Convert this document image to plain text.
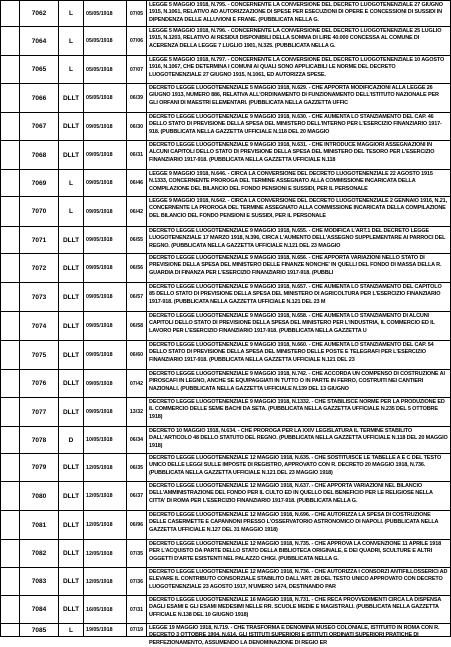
7062	L	05/05/1918	07/05
LEGGE 5 MAGGIO 1918, N.795. - CONCERNENTE LA CONVERSIONE DEL DECRETO LUOGOTENENZIALE 27 GIUGNO 1915, N.1061, RELATIVO AD AUTORIZZAZIONE DI SPESE PER ESECUZIONI DI OPERE E CONCESSIONI DI SUSSIDI IN DIPENDENZA DELLE ALLUVIONI E FRANE. (PUBBLICATA NELLA G.
7064	L	05/05/1918	07/06
LEGGE 5 MAGGIO 1918, N.796. - CONCERNENTE LA CONVERSIONE DEL DECRETO LUOGOTENENZIALE 25 LUGLIO 1915, N.1203, RELATIVO AI RESIDUI DISPONIBILI DELLA SOMMA DI LIRE 40.000 CONCESSA AL COMUNE DI ACERENZA DELLA LEGGE 7 LUGLIO 1901, N.325. (PUBBLICATA NELLA G.
7065	L	05/05/1918	07/07
LEGGE 5 MAGGIO 1918, N.797. - CONCERNENTE LA CONVERSIONE DEL DECRETO LUOGOTENENZIALE 10 AGOSTO 1916, N.1067, CHE DETERMINA I COMUNI AI QUALI SONO APPLICABILI LE NORME DEL DECRETO LUOGOTENENZIALE 27 GIUGNO 1915, N.1061, ED AUTORIZZA SPESE.
7066	DLLT	05/05/1918	06/39
DECRETO LEGGE LUOGOTENENZIALE 5 MAGGIO 1918, N.629. - CHE APPORTA MODIFICAZIONI ALLA LEGGE 26 GIUGNO 1913, NUMERO 886, RELATIVA ALL'ORDINAMENTO DI FUNZIONAMENTO DELL'ISTITUTO NAZIONALE PER GLI ORFANI DI MAESTRI ELEMENTARI. (PUBBLICATA NELLA GAZZETTA UFFIC
7067	DLLT	09/05/1918	06/30
DECRETO LEGGE LUOGOTENENZIALE 9 MAGGIO 1918, N.630. - CHE AUMENTA LO STANZIAMENTO DEL CAP. 46 DELLO STATO DI PREVISIONE DELLA SPESA DEL MINISTERO DELL'INTERNO PER L'ESERCIZIO FINANZIARIO 1917-918. (PUBBLICATA NELLA GAZZETTA UFFICIALE N.118 DEL 20 MAGGIO
7068	DLLT	09/05/1918	06/31
DECRETO LEGGE LUOGOTENENZIALE 9 MAGGIO 1918, N.631. - CHE INTRODUCE MAGGIORI ASSEGNAZIONI IN ALCUNI CAPITOLI DELLO STATO DI PREVISIONE DELLA SPESA DEL MINISTERO DEL TESORO PER L'ESERCIZIO FINANZIARIO 1917-918. (PUBBLICATA NELLA GAZZETTA UFFICIALE N.118
7069	L	09/05/1918	06/46
LEGGE 9 MAGGIO 1918, N.646. - CIRCA LA CONVERSIONE DEL DECRETO LUOGOTENENZIALE 22 AGOSTO 1915 N.1333, CONCERNENTE PROROGA DEL TERMINE ASSEGNATO ALLA COMMISSIONE INCARICATA DELLA COMPILAZIONE DEL BILANCIO DEL FONDO PENSIONI E SUSSIDI, PER IL PERSONALE
7070	L	09/05/1918	06/42
LEGGE 9 MAGGIO 1918, N.642. - CIRCA LA CONVERSIONE DEL DECRETO LUOGOTENENZIALE 2 GENNAIO 1916, N.21, CONCERNENTE LA PROROGA DEL TERMINE ASSEGNATO ALLA COMMISSIONE INCARICATA DELLA COMPILAZIONE DEL BILANCIO DEL FONDO PENSIONI E SUSSIDI, PER IL PERSONALE
7071	DLLT	09/05/1918	06/55
DECRETO LEGGE LUOGOTENENZIALE 9 MAGGIO 1918, N.655. - CHE MODIFICA L'ART.1 DEL DECRETO LEGGE LUOGOTENENZIALE 17 MARZO 1918, N.396, CIRCA L'AUMENTO DELL'ASSEGNO SUPPLEMENTARE AI PARROCI DEL REGNO. (PUBBLICATA NELLA GAZZETTA UFFICIALE N.121 DEL 23 MAGGIO
7072	DLLT	09/05/1918	06/56
DECRETO LEGGE LUOGOTENENZIALE 9 MAGGIO 1918, N.656. - CHE APPORTA VARIAZIONI NELLO STATO DI PREVISIONE DELLA SPESA DEL MINISTERO DELLE FINANZE NONCHE' IN QUELLI DEL FONDO DI MASSA DELLA R. GUARDIA DI FINANZA PER L'ESERCIZIO FINANZIARIO 1917-918. (PUBBLI
7073	DLLT	09/05/1918	06/57
DECRETO LEGGE LUOGOTENENZIALE 9 MAGGIO 1918, N.657. - CHE AUMENTA LO STANZIAMENTO DEL CAPITOLO 85 DELLO STATO DI PREVISIONE DELLA SPESA DEL MINISTERO DI AGRICOLTURA PER L'ESERCIZIO FINANZIARIO 1917-918. (PUBBLICATA NELLA GAZZETTA UFFICIALE N.121 DEL 23 M
7074	DLLT	09/05/1918	06/58
DECRETO LEGGE LUOGOTENENZIALE 9 MAGGIO 1918, N.658. - CHE AUMENTA LO STANZIAMENTO DI ALCUNI CAPITOLI DELLO STATO DI PREVISIONE DELLA SPESA DEL MINISTERO PER L'INDUSTRIA, IL COMMERCIO ED IL LAVORO PER L'ESERCIZIO FINANZIARIO 1917-918. (PUBBLICATA NELLA GAZZETTA U
7075	DLLT	09/05/1918	06/60
DECRETO LEGGE LUOGOTENENZIALE 9 MAGGIO 1918, N.660. - CHE AUMENTA LO STANZIAMENTO DEL CAP. 54 DELLO STATO DI PREVISIONE DELLA SPESA DEL MINISTERO DELLE POSTE E TELEGRAFI PER L'ESERCIZIO FINANZIARIO 1917-918. (PUBBLICATA NELLA GAZZETTA UFFICIALE N.121 DEL 23
7076	DLLT	09/05/1918	07/42
DECRETO LEGGE LUOGOTENENZIALE 9 MAGGIO 1918, N.742. - CHE ACCORDA UN COMPENSO DI COSTRUZIONE AI PIROSCAFI IN LEGNO, ANCHE SE EQUIPAGGIATI IN TUTTO O IN PARTE IN FERRO, COSTRUITI NEI CANTIERI NAZIONALI. (PUBBLICATA NELLA GAZZETTA UFFICIALE N.139 DEL 13 GIUGNO
7077	DLLT	09/05/1918	13/32
DECRETO LEGGE LUOGOTENENZIALE 9 MAGGIO 1918, N.1332. - CHE STABILISCE NORME PER LA PRODUZIONE ED IL COMMERCIO DELLE SEME BACHI DA SETA. (PUBBLICATA NELLA GAZZETTA UFFICIALE N.235 DEL 5 OTTOBRE 1918)
7078	D	10/05/1918	06/34
DECRETO 10 MAGGIO 1918, N.634. - CHE PROROGA PER LA XXIV LEGISLATURA IL TERMINE STABILITO DALL'ARTICOLO 48 DELLO STATUTO DEL REGNO. (PUBBLICATA NELLA GAZZETTA UFFICIALE N.118 DEL 20 MAGGIO 1918)
7079	DLLT	12/05/1918	06/35
DECRETO LEGGE LUOGOTENENZIALE 12 MAGGIO 1918, N.635. - CHE SOSTITUISCE LE TABELLE A E C DEL TESTO UNICO DELLE LEGGI SULLE IMPOSTE DI REGISTRO, APPROVATO CON R. DECRETO 20 MAGGIO 1918, N.736. (PUBBLICATA NELLA GAZZETTA UFFICIALE N.121 DEL 23 MAGGIO 1918)
7080	DLLT	12/05/1918	06/37
DECRETO LEGGE LUOGOTENENZIALE 12 MAGGIO 1918, N.637. - CHE APPORTA VARIAZIONI NEL BILANCIO DELL'AMMINISTRAZIONE DEL FONDO PER IL CULTO ED IN QUELLO DEL BENEFICIO PER LE RELIGIOSE NELLA CITTA' DI ROMA PER L'ESERCIZIO FINANZIARIO 1917-918. (PUBBLICATA NELLA G.
7081	DLLT	12/05/1918	06/96
DECRETO LEGGE LUOGOTENENZIALE 12 MAGGIO 1918, N.696. - CHE AUTORIZZA LA SPESA DI COSTRUZIONE DELLE CASERMETTE E CAPANNONI PRESSO L'OSSERVATORIO ASTRONOMICO DI NAPOLI. (PUBBLICATA NELLA GAZZETTA UFFICIALE N.127 DEL 31 MAGGIO 1918)
7082	DLLT	12/05/1918	07/35
DECRETO LEGGE LUOGOTENENZIALE 12 MAGGIO 1918, N.735. - CHE APPROVA LA CONVENZIONE 11 APRILE 1918 PER L'ACQUISTO DA PARTE DELLO STATO DELLA BIBLIOTECA ORIGINALE, E DEI QUADRI, SCULTURE E ALTRI OGGETTI D'ARTE ESISTENTI NEL PALAZZO CHIGI. (PUBBLICATA NELLA G.
7083	DLLT	12/05/1918	07/36
DECRETO LEGGE LUOGOTENENZIALE 12 MAGGIO 1918, N.736. - CHE AUTORIZZA I CONSORZI ANTIFILLOSSERICI AD ELEVARE IL CONTRIBUTO CONSORZIALE STABILITO DALL'ART. 28 DEL TESTO UNICO APPROVATO CON DECRETO LUOGOTENENZIALE 23 AGOSTO 1917, N'UMERO 1474, DESTINANDO PAR
7084	DLLT	16/05/1918	07/31
DECRETO LEGGE LUOGOTENENZIALE 16 MAGGIO 1918, N.731. - CHE RECA PROVVEDIMENTI CIRCA LA DISPENSA DAGLI ESAMI E GLI ESAMI MEDESIMI NELLE RR. SCUOLE MEDIE E MAGISTRALI. (PUBBLICATA NELLA GAZZETTA UFFICIALE N.138 DEL 10 GIUGNO 1918)
7085	L	19/05/1918	07/19	LEGGE 19 MAGGIO 1918, N.719. - CHE TRASFORMA E DENOMINA MUSEO COLONIALE, ISTITUITO IN ROMA CON R. DECRETO 3 OTTOBRE 1904, N.614, GLI ISTITUTI SUPERIORI E ISTITUTI ORDINATI SUPERIORI PRATICHE DI PERFEZIONAMENTO, ASSUMENDO LA DENOMINAZIONE DI REGIO ER
